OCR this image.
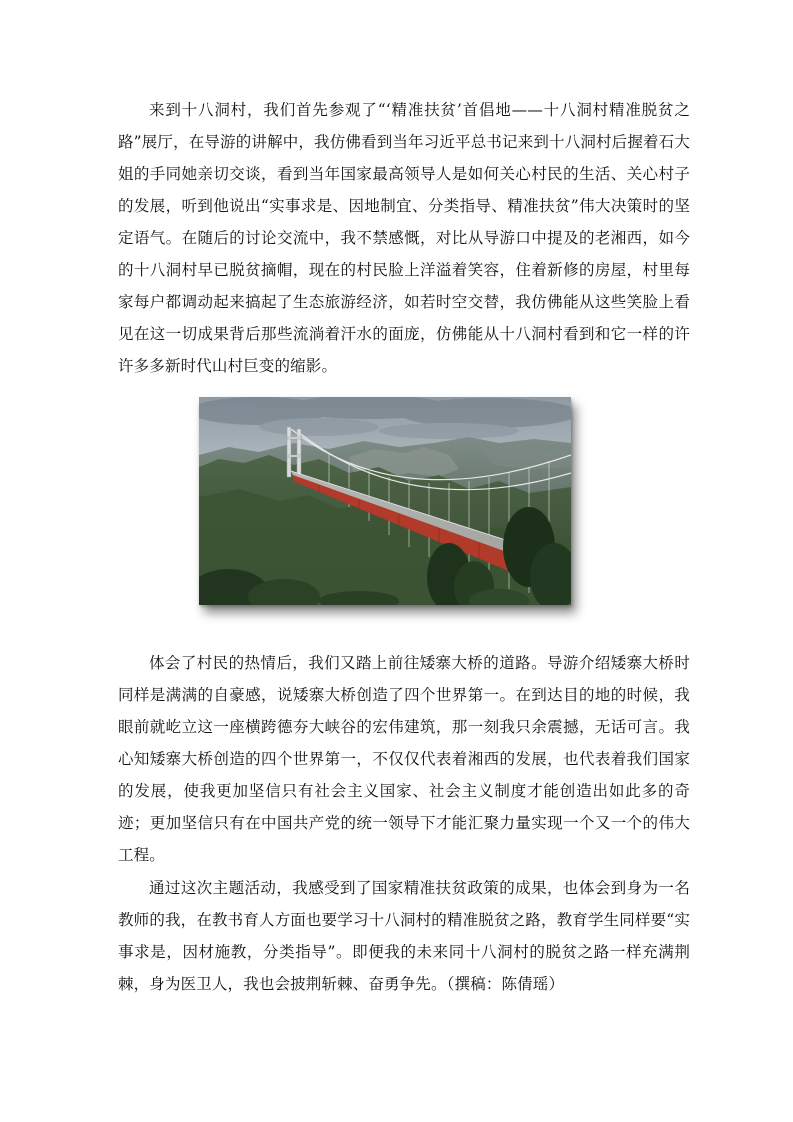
来到十八洞村，我们首先参观了“‘精准扶贫’首倡地——十八洞村精准脱贫之路”展厅，在导游的讲解中，我仿佛看到当年习近平总书记来到十八洞村后握着石大姐的手同她亲切交谈，看到当年国家最高领导人是如何关心村民的生活、关心村子的发展，听到他说出“实事求是、因地制宜、分类指导、精准扶贫”伟大决策时的坚定语气。在随后的讨论交流中，我不禁感慨，对比从导游口中提及的老湘西，如今的十八洞村早已脱贫摘帽，现在的村民脸上洋溢着笑容，住着新修的房屋，村里每家每户都调动起来搞起了生态旅游经济，如若时空交替，我仿佛能从这些笑脸上看见在这一切成果背后那些流淌着汗水的面庞，仿佛能从十八洞村看到和它一样的许许多多新时代山村巨变的缩影。

体会了村民的热情后，我们又踏上前往矮寨大桥的道路。导游介绍矮寨大桥时同样是满满的自豪感，说矮寨大桥创造了四个世界第一。在到达目的地的时候，我眼前就屹立这一座横跨德夯大峡谷的宏伟建筑，那一刻我只余震撼，无话可言。我心知矮寨大桥创造的四个世界第一，不仅仅代表着湘西的发展，也代表着我们国家的发展，使我更加坚信只有社会主义国家、社会主义制度才能创造出如此多的奇迹；更加坚信只有在中国共产党的统一领导下才能汇聚力量实现一个又一个的伟大工程。

通过这次主题活动，我感受到了国家精准扶贫政策的成果，也体会到身为一名教师的我，在教书育人方面也要学习十八洞村的精准脱贫之路，教育学生同样要“实事求是，因材施教，分类指导”。即便我的未来同十八洞村的脱贫之路一样充满荆棘，身为医卫人，我也会披荆斩棘、奋勇争先。（撰稿：陈倩瑶）
